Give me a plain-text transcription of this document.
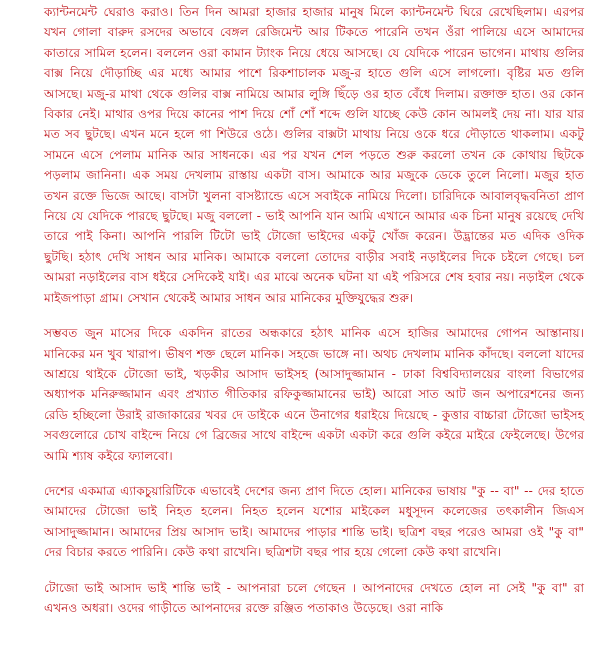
ক্যান্টনমেন্ট ঘেরাও করাও। তিন দিন আমরা হাজার হাজার মানুষ মিলে ক্যান্টনমেন্ট ঘিরে রেখেছিলাম। এরপর যখন গোলা বারুদ রসদের অভাবে বেঙ্গল রেজিমেন্ট আর টিকতে পারেনি তখন ওঁরা পালিয়ে এসে আমাদের কাতারে সামিল হলেন। বললেন ওরা কামান ট্যাংক নিয়ে ধেয়ে আসছে। যে যেদিকে পারেন ভাগেন। মাথায় গুলির বাক্স নিয়ে দৌড়াচ্ছি এর মধ্যে আমার পাশে রিকশাচালক মজু-র হাতে গুলি এসে লাগলো। বৃষ্টির মত গুলি আসছে। মজু-র মাথা থেকে গুলির বাক্স নামিয়ে আমার লুঙ্গি ছিঁড়ে ওর হাত বেঁধে দিলাম। রক্তাক্ত হাত। ওর কোন বিকার নেই। মাথার ওপর দিয়ে কানের পাশ দিয়ে শোঁ শোঁ শব্দে গুলি যাচ্ছে কেউ কোন আমলই দেয় না। যার যার মত সব ছুটছে। এখন মনে হলে গা শিউরে ওঠে। গুলির বাক্সটা মাথায় নিয়ে ওকে ধরে দৌড়াতে থাকলাম। একটু সামনে এসে পেলাম মানিক আর সাধনকে। এর পর যখন শেল পড়তে শুরু করলো তখন কে কোথায় ছিটকে পড়লাম জানিনা। এক সময় দেখলাম রাস্তায় একটা বাস। আমাকে আর মজুকে ডেকে তুলে নিলো। মজুর হাত তখন রক্তে ভিজে আছে। বাসটা খুলনা বাসষ্ট্যান্ডে এসে সবাইকে নামিয়ে দিলো। চারিদিকে আবালবৃদ্ধবনিতা প্রাণ নিয়ে যে যেদিকে পারছে ছুটছে। মজু বললো - ভাই আপনি যান আমি এখানে আমার এক চিনা মানুষ রয়েছে দেখি তারে পাই কিনা। আপনি পারলি টিটো ভাই টোজো ভাইদের একটু খোঁজ করেন। উদ্ভ্রান্তের মত এদিক ওদিক ছুটছি। হঠাৎ দেখি সাধন আর মানিক। আমাকে বললো তোদের বাড়ীর সবাই নড়াইলের দিকে চইলে গেছে। চল আমরা নড়াইলের বাস ধইরে সেদিকেই যাই। এর মাঝে অনেক ঘটনা যা এই পরিসরে শেষ হবার নয়। নড়াইল থেকে মাইজপাড়া গ্রাম। সেখান থেকেই আমার সাধন আর মানিকের মুক্তিযুদ্ধের শুরু।

সম্ভবত জুন মাসের দিকে একদিন রাতের অন্ধকারে হঠাৎ মানিক এসে হাজির আমাদের গোপন আস্তানায়। মানিকের মন খুব খারাপ। ভীষণ শক্ত ছেলে মানিক। সহজে ভাঙ্গে না। অথচ দেখলাম মানিক কাঁদছে। বললো যাদের আশ্রয়ে থাইকে টোজো ভাই, খড়কীর আসাদ ভাইসহ (আসাদুজ্জামান - ঢাকা বিশ্ববিদ্যালয়ের বাংলা বিভাগের অধ্যাপক মনিরুজ্জামান এবং প্রখ্যাত গীতিকার রফিকুজ্জামানের ভাই) আরো সাত আট জন অপারেশনের জন্য রেডি হচ্ছিলো উরাই রাজাকারের খবর দে ডাইকে এনে উনাগের ধরাইয়ে দিয়েছে - কুত্তার বাচ্চারা টোজো ভাইসহ সবগুলোরে চোখ বাইন্দে নিয়ে গে ব্রিজের সাথে বাইন্দে একটা একটা করে গুলি কইরে মাইরে ফেইলেছে। উগের আমি শ্যাষ কইরে ফ্যালবো।

দেশের একমাত্র এ্যাকচুয়ারিটিকে এভাবেই দেশের জন্য প্রাণ দিতে হোল। মানিকের ভাষায় "কু -- বা" -- দের হাতে আমাদের টোজো ভাই নিহত হলেন। নিহত হলেন যশোর মাইকেল মধুসূদন কলেজের তৎকালীন জিএস আসাদুজ্জামান। আমাদের প্রিয় আসাদ ভাই। আমাদের পাড়ার শান্তি ভাই। ছত্রিশ বছর পরেও আমরা ওই "কু বা" দের বিচার করতে পারিনি। কেউ কথা রাখেনি। ছত্রিশটা বছর পার হয়ে গেলো কেউ কথা রাখেনি।

টোজো ভাই আসাদ ভাই শান্তি ভাই - আপনারা চলে গেছেন । আপনাদের দেখতে হোল না সেই "কু বা" রা এখনও অধরা। ওদের গাড়ীতে আপনাদের রক্তে রঞ্জিত পতাকাও উড়েছে। ওরা নাকি
